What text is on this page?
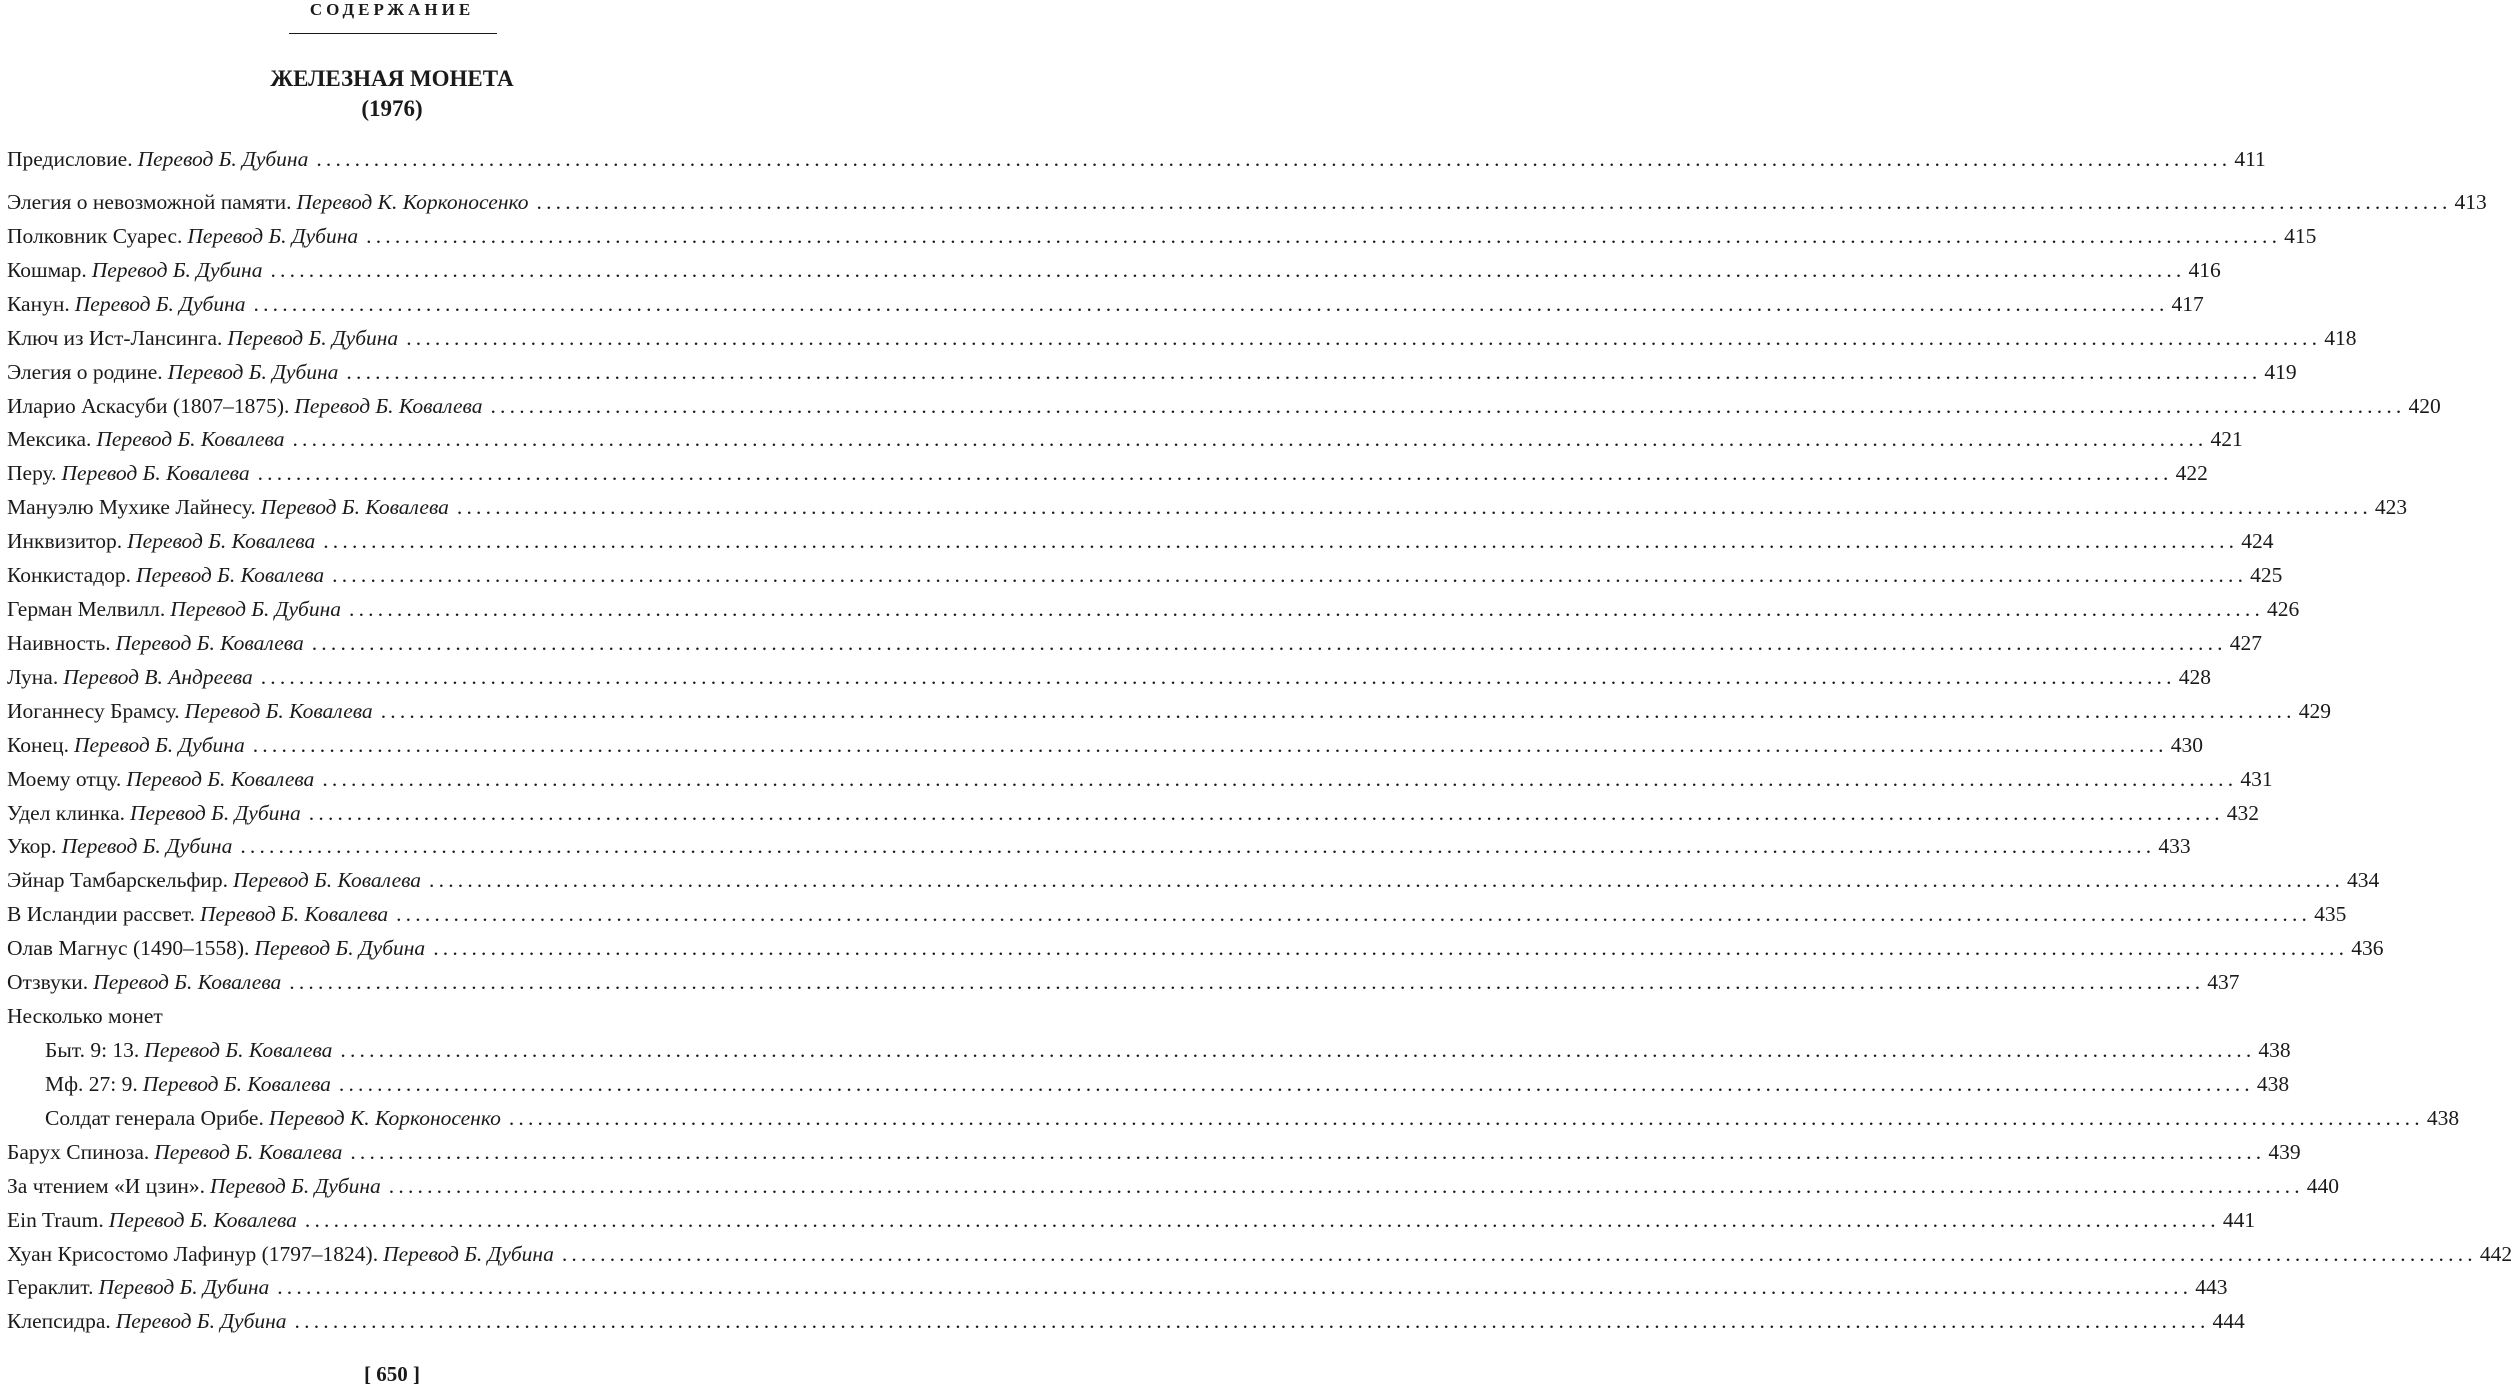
СОДЕРЖАНИЕ
ЖЕЛЕЗНАЯ МОНЕТА
(1976)
Предисловие. Перевод Б. Дубина ........................................................................................................................................................................................................ 411
Элегия о невозможной памяти. Перевод К. Корконосенко ........................................................................................................................................................................................................ 413
Полковник Суарес. Перевод Б. Дубина ........................................................................................................................................................................................................ 415
Кошмар. Перевод Б. Дубина ........................................................................................................................................................................................................ 416
Канун. Перевод Б. Дубина ........................................................................................................................................................................................................ 417
Ключ из Ист-Лансинга. Перевод Б. Дубина ........................................................................................................................................................................................................ 418
Элегия о родине. Перевод Б. Дубина ........................................................................................................................................................................................................ 419
Иларио Аскасуби (1807–1875). Перевод Б. Ковалева ........................................................................................................................................................................................................ 420
Мексика. Перевод Б. Ковалева ........................................................................................................................................................................................................ 421
Перу. Перевод Б. Ковалева ........................................................................................................................................................................................................ 422
Мануэлю Мухике Лайнесу. Перевод Б. Ковалева ........................................................................................................................................................................................................ 423
Инквизитор. Перевод Б. Ковалева ........................................................................................................................................................................................................ 424
Конкистадор. Перевод Б. Ковалева ........................................................................................................................................................................................................ 425
Герман Мелвилл. Перевод Б. Дубина ........................................................................................................................................................................................................ 426
Наивность. Перевод Б. Ковалева ........................................................................................................................................................................................................ 427
Луна. Перевод В. Андреева ........................................................................................................................................................................................................ 428
Иоганнесу Брамсу. Перевод Б. Ковалева ........................................................................................................................................................................................................ 429
Конец. Перевод Б. Дубина ........................................................................................................................................................................................................ 430
Моему отцу. Перевод Б. Ковалева ........................................................................................................................................................................................................ 431
Удел клинка. Перевод Б. Дубина ........................................................................................................................................................................................................ 432
Укор. Перевод Б. Дубина ........................................................................................................................................................................................................ 433
Эйнар Тамбарскельфир. Перевод Б. Ковалева ........................................................................................................................................................................................................ 434
В Исландии рассвет. Перевод Б. Ковалева ........................................................................................................................................................................................................ 435
Олав Магнус (1490–1558). Перевод Б. Дубина ........................................................................................................................................................................................................ 436
Отзвуки. Перевод Б. Ковалева ........................................................................................................................................................................................................ 437
Несколько монет
Быт. 9: 13. Перевод Б. Ковалева ........................................................................................................................................................................................................ 438
Мф. 27: 9. Перевод Б. Ковалева ........................................................................................................................................................................................................ 438
Солдат генерала Орибе. Перевод К. Корконосенко ........................................................................................................................................................................................................ 438
Барух Спиноза. Перевод Б. Ковалева ........................................................................................................................................................................................................ 439
За чтением «И цзин». Перевод Б. Дубина ........................................................................................................................................................................................................ 440
Ein Traum. Перевод Б. Ковалева ........................................................................................................................................................................................................ 441
Хуан Крисостомо Лафинур (1797–1824). Перевод Б. Дубина ........................................................................................................................................................................................................ 442
Гераклит. Перевод Б. Дубина ........................................................................................................................................................................................................ 443
Клепсидра. Перевод Б. Дубина ........................................................................................................................................................................................................ 444
[ 650 ]
